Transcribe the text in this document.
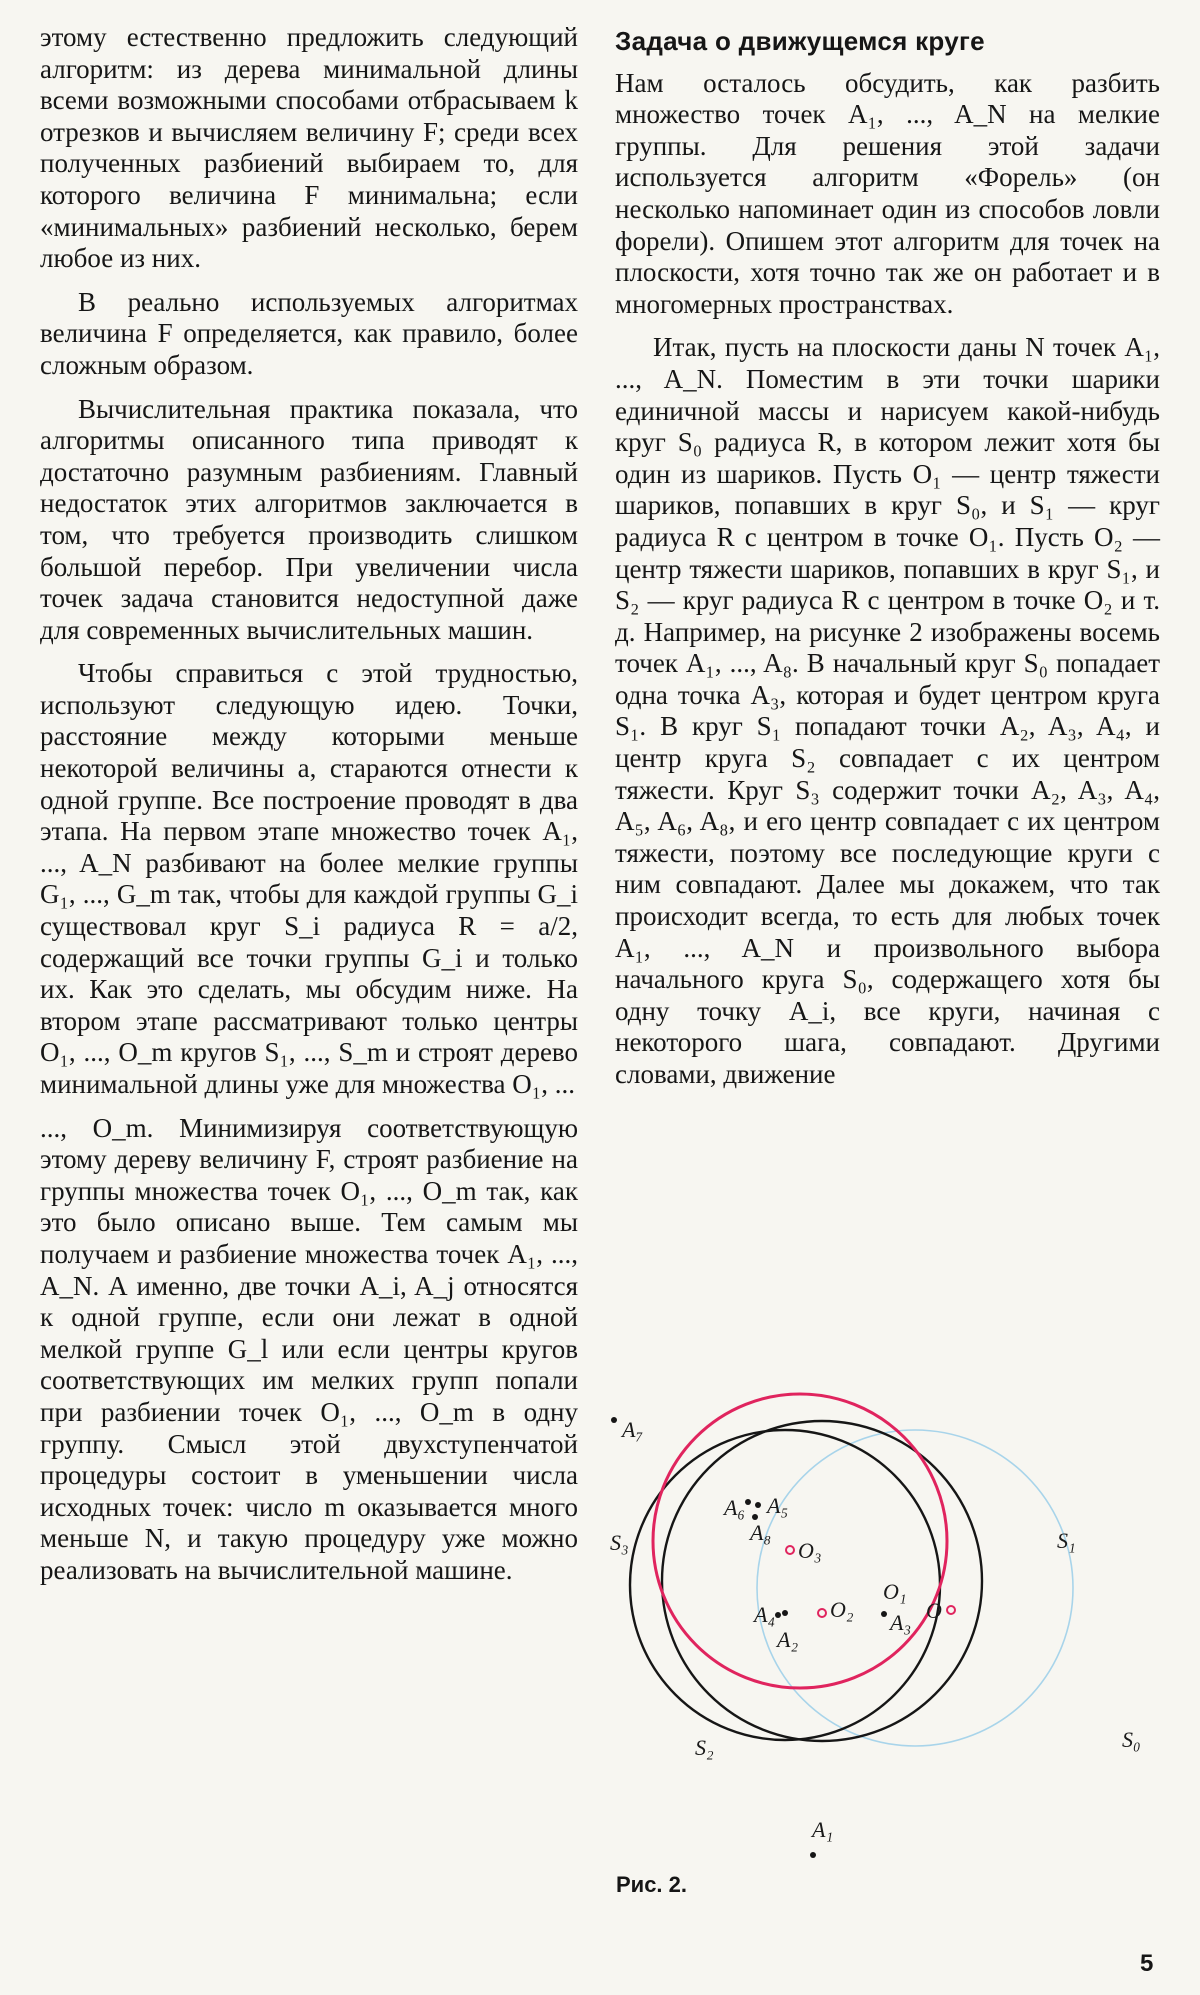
этому естественно предложить следующий алгоритм: из дерева минимальной длины всеми возможными способами отбрасываем k отрезков и вычисляем величину F; среди всех полученных разбиений выбираем то, для которого величина F минимальна; если «минимальных» разбиений несколько, берем любое из них.

В реально используемых алгоритмах величина F определяется, как правило, более сложным образом.

Вычислительная практика показала, что алгоритмы описанного типа приводят к достаточно разумным разбиениям. Главный недостаток этих алгоритмов заключается в том, что требуется производить слишком большой перебор. При увеличении числа точек задача становится недоступной даже для современных вычислительных машин.

Чтобы справиться с этой трудностью, используют следующую идею. Точки, расстояние между которыми меньше некоторой величины a, стараются отнести к одной группе. Все построение проводят в два этапа. На первом этапе множество точек A₁, ..., A_N разбивают на более мелкие группы G₁, ..., G_m так, чтобы для каждой группы G_i существовал круг S_i радиуса R = a/2, содержащий все точки группы G_i и только их. Как это сделать, мы обсудим ниже. На втором этапе рассматривают только центры O₁, ..., O_m кругов S₁, ..., S_m и строят дерево минимальной длины уже для множества O₁, ...

..., O_m. Минимизируя соответствующую этому дереву величину F, строят разбиение на группы множества точек O₁, ..., O_m так, как это было описано выше. Тем самым мы получаем и разбиение множества точек A₁, ..., A_N. А именно, две точки A_i, A_j относятся к одной группе, если они лежат в одной мелкой группе G_l или если центры кругов соответствующих им мелких групп попали при разбиении точек O₁, ..., O_m в одну группу. Смысл этой двухступенчатой процедуры состоит в уменьшении числа исходных точек: число m оказывается много меньше N, и такую процедуру уже можно реализовать на вычислительной машине.

Задача о движущемся круге

Нам осталось обсудить, как разбить множество точек A₁, ..., A_N на мелкие группы. Для решения этой задачи используется алгоритм «Форель» (он несколько напоминает один из способов ловли форели). Опишем этот алгоритм для точек на плоскости, хотя точно так же он работает и в многомерных пространствах.

Итак, пусть на плоскости даны N точек A₁, ..., A_N. Поместим в эти точки шарики единичной массы и нарисуем какой-нибудь круг S₀ радиуса R, в котором лежит хотя бы один из шариков. Пусть O₁ — центр тяжести шариков, попавших в круг S₀, и S₁ — круг радиуса R с центром в точке O₁. Пусть O₂ — центр тяжести шариков, попавших в круг S₁, и S₂ — круг радиуса R с центром в точке O₂ и т. д. Например, на рисунке 2 изображены восемь точек A₁, ..., A₈. В начальный круг S₀ попадает одна точка A₃, которая и будет центром круга S₁. В круг S₁ попадают точки A₂, A₃, A₄, и центр круга S₂ совпадает с их центром тяжести. Круг S₃ содержит точки A₂, A₃, A₄, A₅, A₆, A₈, и его центр совпадает с их центром тяжести, поэтому все последующие круги с ним совпадают. Далее мы докажем, что так происходит всегда, то есть для любых точек A₁, ..., A_N и произвольного выбора начального круга S₀, содержащего хотя бы одну точку A_i, все круги, начиная с некоторого шага, совпадают. Другими словами, движение

A₇
A₆ A₅
A₈
O₃
A₄
A₂
O₂
O₁
A₃ O
A₁
S₃	S₁
S₂	S₀
Рис. 2.
5
